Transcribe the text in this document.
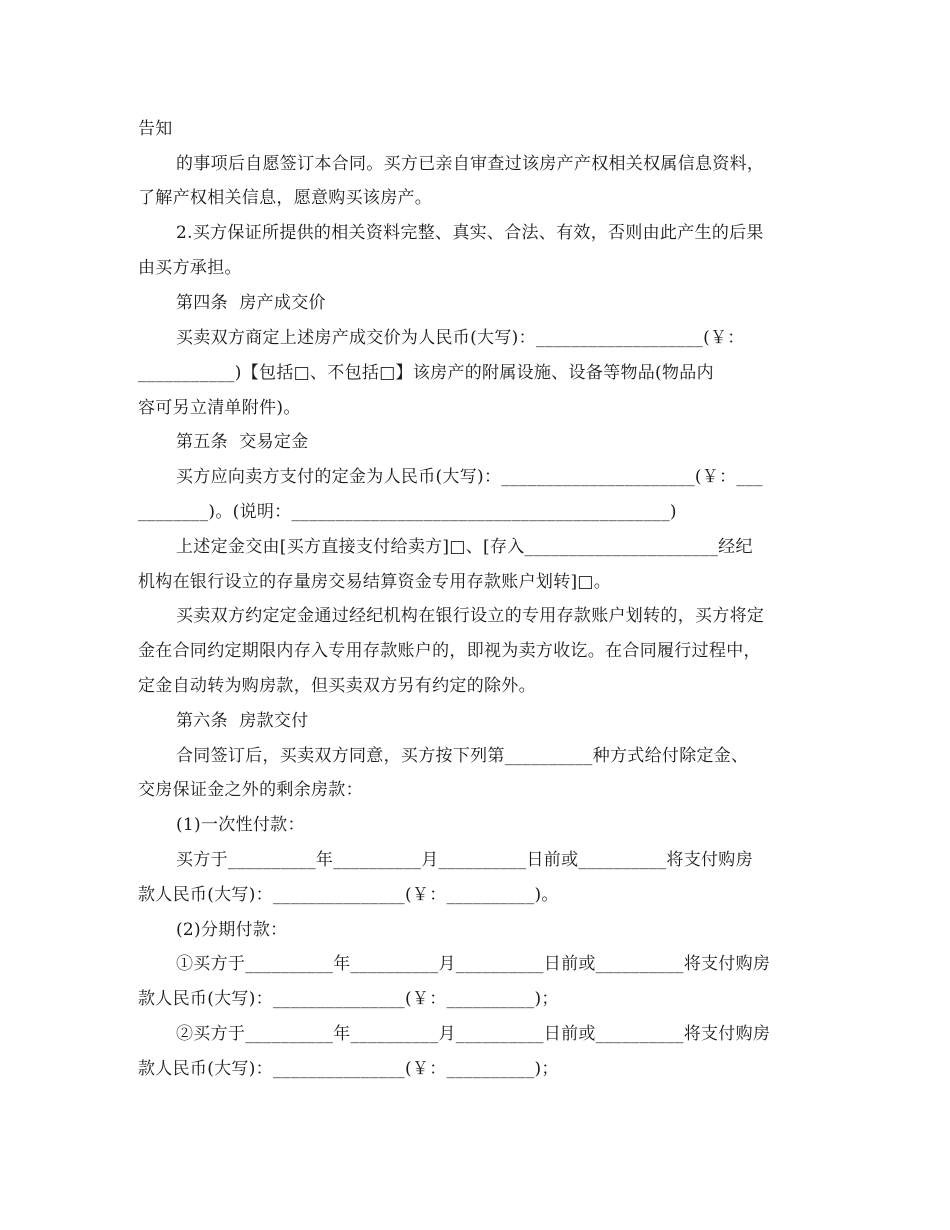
告知
的事项后自愿签订本合同。买方已亲自审查过该房产产权相关权属信息资料，
了解产权相关信息，愿意购买该房产。
2.买方保证所提供的相关资料完整、真实、合法、有效，否则由此产生的后果
由买方承担。
第四条  房产成交价
买卖双方商定上述房产成交价为人民币(大写)：___________________(￥：
___________)【包括□、不包括□】该房产的附属设施、设备等物品(物品内
容可另立清单附件)。
第五条  交易定金
买方应向卖方支付的定金为人民币(大写)：______________________(￥：___
________)。(说明：___________________________________________)
上述定金交由[买方直接支付给卖方]□、[存入______________________经纪
机构在银行设立的存量房交易结算资金专用存款账户划转]□。
买卖双方约定定金通过经纪机构在银行设立的专用存款账户划转的，买方将定
金在合同约定期限内存入专用存款账户的，即视为卖方收讫。在合同履行过程中，
定金自动转为购房款，但买卖双方另有约定的除外。
第六条  房款交付
合同签订后，买卖双方同意，买方按下列第__________种方式给付除定金、
交房保证金之外的剩余房款：
(1)一次性付款：
买方于__________年__________月__________日前或__________将支付购房
款人民币(大写)：_______________(￥：__________)。
(2)分期付款：
①买方于__________年__________月__________日前或__________将支付购房
款人民币(大写)：_______________(￥：__________)；
②买方于__________年__________月__________日前或__________将支付购房
款人民币(大写)：_______________(￥：__________)；
